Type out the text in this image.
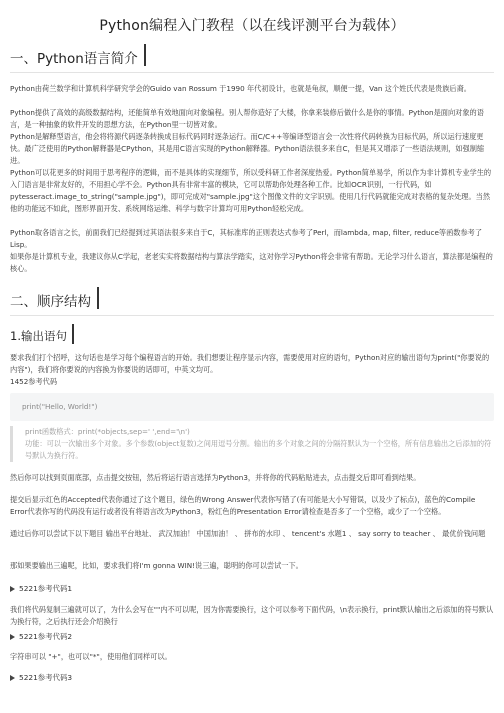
Python编程入门教程（以在线评测平台为载体）
一、Python语言简介
Python由荷兰数学和计算机科学研究学会的Guido van Rossum 于1990 年代初设计，也就是龟叔，顺便一提，Van 这个姓氏代表是贵族后裔。
Python提供了高效的高级数据结构，还能简单有效地面向对象编程。别人帮你造好了大楼，你拿来装修后做什么是你的事情。Python是面向对象的语言，是一种抽象的软件开发的思想方法，在Python里一切皆对象。
Python是解释型语言，他会将将源代码逐条转换成目标代码同时逐条运行。而C/C++等编译型语言会一次性将代码转换为目标代码，所以运行速度更快。最广泛使用的Python解释器是CPython，其是用C语言实现的Python解释器。Python语法很多来自C，但是其又增添了一些语法规则，如强制缩进。
Python可以花更多的时间用于思考程序的逻辑，而不是具体的实现细节，所以受科研工作者深度热爱。Python简单易学，所以作为非计算机专业学生的入门语言是非常友好的，不用担心学不会。Python具有非常丰富的模块，它可以帮助你处理各种工作。比如OCR识别，一行代码，如pytesseract.image_to_string("sample.jpg")，即可完成对"sample.jpg"这个图像文件的文字识别。使用几行代码就能完成对表格的复杂处理。当然他的功能远不如此，图形界面开发、系统网络运维、科学与数字计算均可用Python轻松完成。
Python取各语言之长，前面我们已经提到过其语法很多来自于C，其标准库的正则表达式参考了Perl，而lambda, map, filter, reduce等函数参考了Lisp。
如果你是计算机专业，我建议你从C学起，老老实实将数据结构与算法学踏实，这对你学习Python将会非常有帮助。无论学习什么语言，算法都是编程的核心。
二、顺序结构
1.输出语句
要求我们打个招呼，这句话也是学习每个编程语言的开始。我们想要让程序显示内容，需要使用对应的语句，Python对应的输出语句为print("你要说的内容")，我们将你要说的内容换为你要说的话即可，中英文均可。
1452参考代码
print("Hello, World!")
print函数格式：print(*objects,sep=' ',end='\n')
功能：可以一次输出多个对象。多个参数(object复数)之间用逗号分割。输出的多个对象之间的分隔符默认为一个空格，所有信息输出之后添加的符号默认为换行符。
然后你可以找到页面底部，点击提交按钮，然后将运行语言选择为Python3，并将你的代码粘贴进去，点击提交后即可看到结果。
提交后显示红色的Accepted代表你通过了这个题目，绿色的Wrong Answer代表你写错了(有可能是大小写错误，以及少了标点)，蓝色的Compile Error代表你写的代码没有运行或者没有将语言改为Python3，粉红色的Presentation Error请检查是否多了一个空格，或少了一个空格。
通过后你可以尝试下以下题目 输出平台地址、 武汉加油！ 中国加油！ 、 拼布的水印 、 tencent's 水题1 、 say sorry to teacher 、 最优价钱问题
那如果要输出三遍呢，比如，要求我们将I'm gonna WIN!说三遍，聪明的你可以尝试一下。
5221参考代码1
我们将代码复制三遍就可以了，为什么会写在""内不可以呢，因为你需要换行，这个可以参考下面代码，\n表示换行，print默认输出之后添加的符号默认为换行符，之后执行还会介绍换行
5221参考代码2
字符串可以 "+"，也可以"*"，使用他们同样可以。
5221参考代码3
